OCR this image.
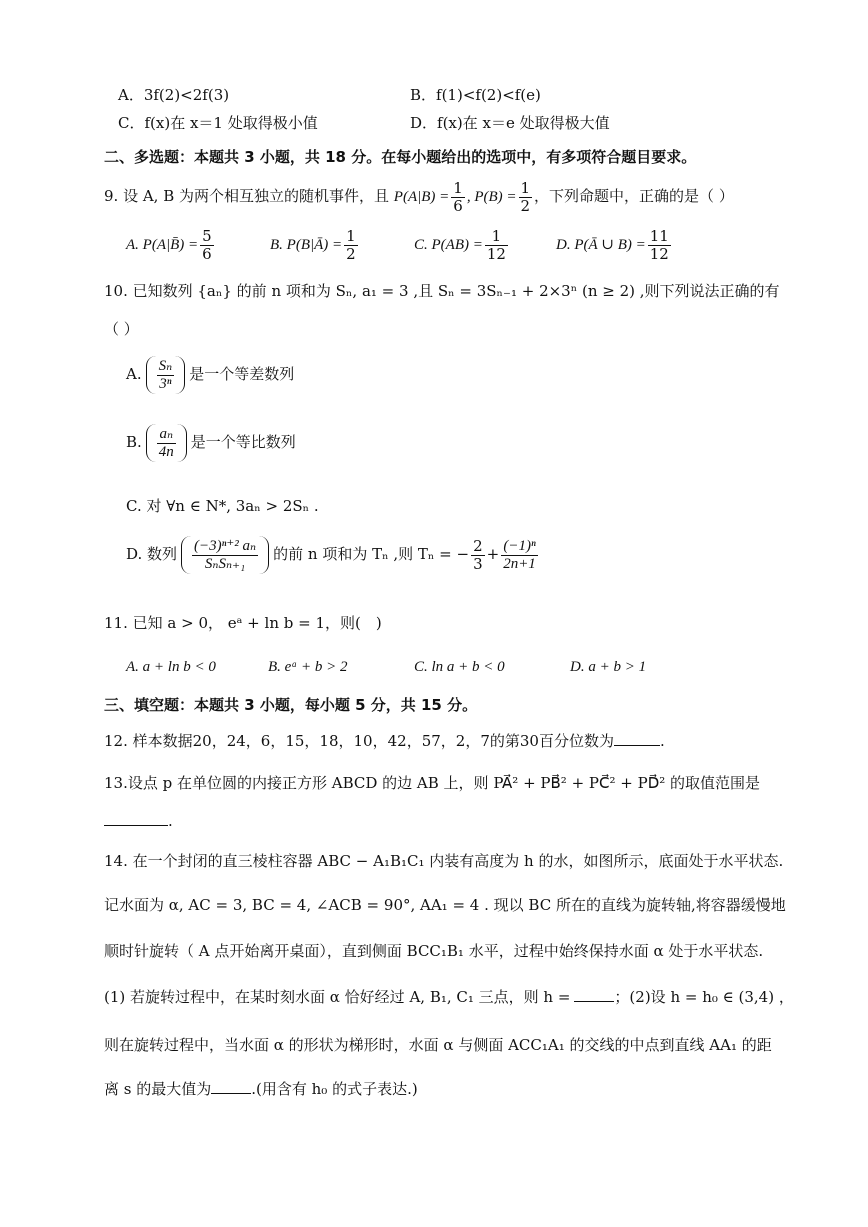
A．3f(2)<2f(3)	B．f(1)<f(2)<f(e)
C．f(x)在 x＝1 处取得极小值	D．f(x)在 x＝e 处取得极大值
二、多选题：本题共 3 小题，共 18 分。在每小题给出的选项中，有多项符合题目要求。
9. 设 A, B 为两个相互独立的随机事件，且 $P(A|B) = \frac{1}{6}$ , $P(B) = \frac{1}{2}$ ，下列命题中，正确的是（ ）
A. P(A|B̄) = $\frac{5}{6}$	B. P(B|Ā) = $\frac{1}{2}$	C. $P(AB) = \frac{1}{12}$	D. P(Ā ∪ $B) = \frac{11}{12}$
10. 已知数列 {aₙ} 的前 n 项和为 Sₙ, a₁ = 3 ,且 Sₙ = 3Sₙ₋₁ + 2×3ⁿ (n ≥ 2) ,则下列说法正确的有
（ ）
A. $\frac{\text{Sₙ}}{\text{3ⁿ}}$ 是一个等差数列
B. $\frac{\text{aₙ}}{4n}$ 是一个等比数列
C. 对 ∀n ∈ N*, 3aₙ > 2Sₙ .
D. 数列 $\frac{\text{(−3)ⁿ⁺² aₙ}}{\text{SₙSₙ₊₁}}$ 的前 n 项和为 Tₙ ,则 Tₙ = − $\frac{2}{3} + \frac{\text{(−1)ⁿ}}{2n+1}$
11. 已知 a > 0， eᵃ + ln b = 1，则(　)
A. a + ln b < 0	B. eᵃ + b > 2	C. ln a + b < 0	D. a + b > 1
三、填空题：本题共 3 小题，每小题 5 分，共 15 分。
12. 样本数据20，24，6，15，18，10，42，57，2，7的第30百分位数为	.
13.设点 p 在单位圆的内接正方形 ABCD 的边 AB 上，则 PA⃗² + PB⃗² + PC⃗² + PD⃗² 的取值范围是
.
14. 在一个封闭的直三棱柱容器 ABC − A₁B₁C₁ 内装有高度为 h 的水，如图所示，底面处于水平状态.
记水面为 α, AC = 3, BC = 4, ∠ACB = 90°, AA₁ = 4 . 现以 BC 所在的直线为旋转轴,将容器缓慢地
顺时针旋转（ A 点开始离开桌面），直到侧面 BCC₁B₁ 水平，过程中始终保持水面 α 处于水平状态.
(1) 若旋转过程中，在某时刻水面 α 恰好经过 A, B₁, C₁ 三点，则 h =	；(2)设 h = h₀ ∈ (3,4) ，
则在旋转过程中，当水面 α 的形状为梯形时，水面 α 与侧面 ACC₁A₁ 的交线的中点到直线 AA₁ 的距
离 s 的最大值为	.(用含有 h₀ 的式子表达.)
